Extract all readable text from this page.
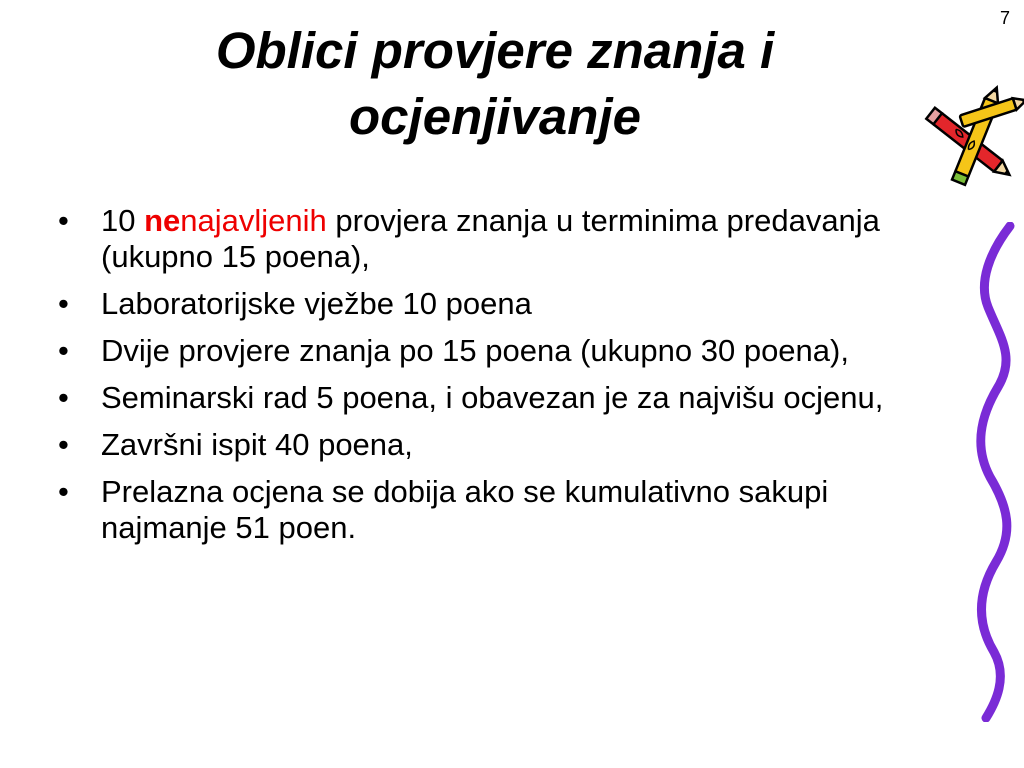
7
Oblici provjere znanja i ocjenjivanje
• 10 nenajavljenih provjera znanja u terminima predavanja (ukupno 15 poena),
• Laboratorijske vježbe 10 poena
• Dvije provjere znanja po 15 poena (ukupno 30 poena),
• Seminarski rad 5 poena, i obavezan je za najvišu ocjenu,
• Završni ispit 40 poena,
• Prelazna ocjena se dobija ako se kumulativno sakupi najmanje 51 poen.
